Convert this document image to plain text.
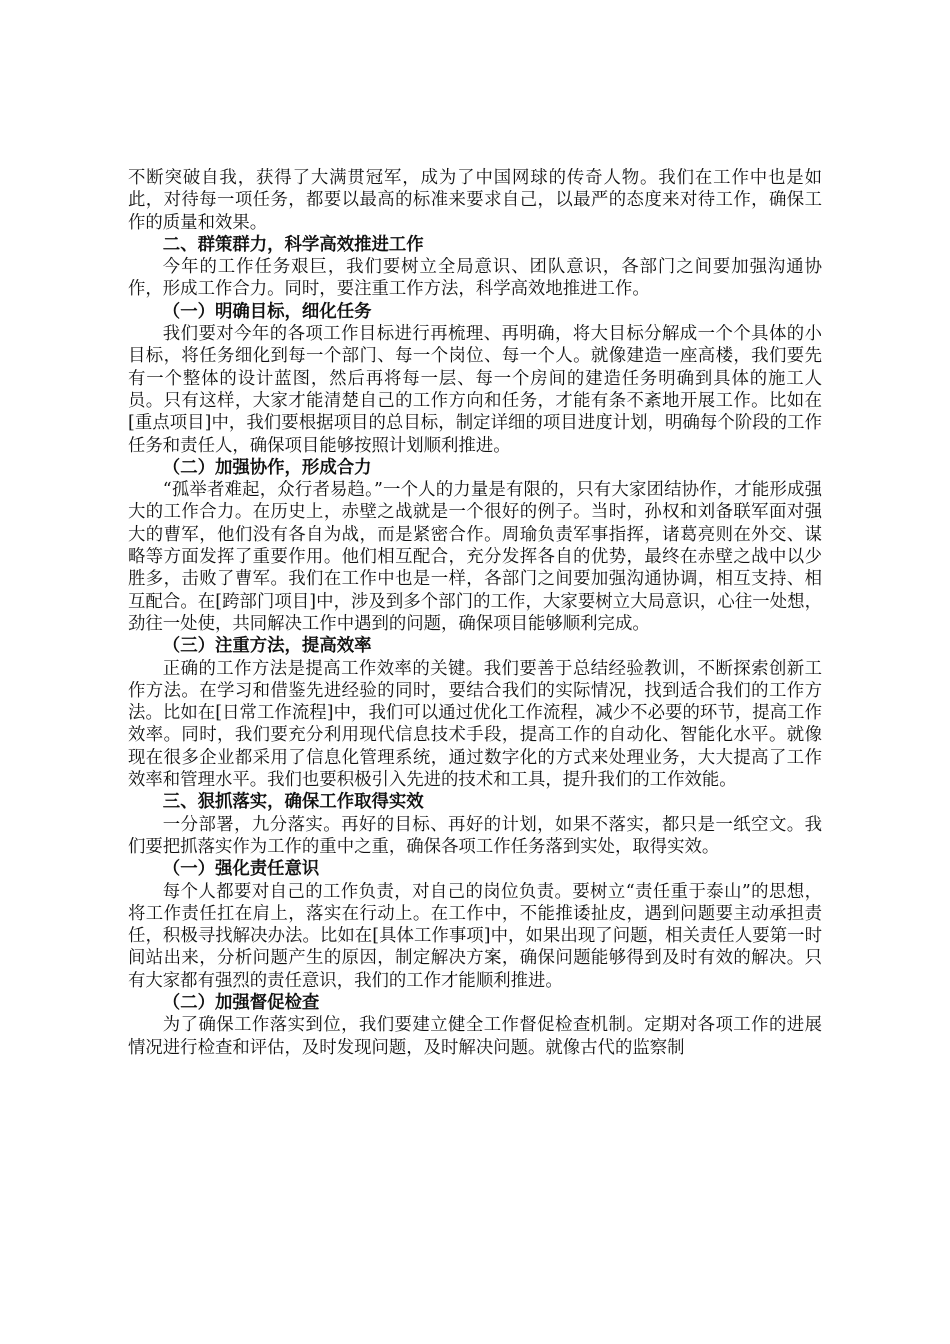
不断突破自我，获得了大满贯冠军，成为了中国网球的传奇人物。我们在工作中也是如此，对待每一项任务，都要以最高的标准来要求自己，以最严的态度来对待工作，确保工作的质量和效果。

二、群策群力，科学高效推进工作

今年的工作任务艰巨，我们要树立全局意识、团队意识，各部门之间要加强沟通协作，形成工作合力。同时，要注重工作方法，科学高效地推进工作。

（一）明确目标，细化任务

我们要对今年的各项工作目标进行再梳理、再明确，将大目标分解成一个个具体的小目标，将任务细化到每一个部门、每一个岗位、每一个人。就像建造一座高楼，我们要先有一个整体的设计蓝图，然后再将每一层、每一个房间的建造任务明确到具体的施工人员。只有这样，大家才能清楚自己的工作方向和任务，才能有条不紊地开展工作。比如在[重点项目]中，我们要根据项目的总目标，制定详细的项目进度计划，明确每个阶段的工作任务和责任人，确保项目能够按照计划顺利推进。

（二）加强协作，形成合力

“孤举者难起，众行者易趋。”一个人的力量是有限的，只有大家团结协作，才能形成强大的工作合力。在历史上，赤壁之战就是一个很好的例子。当时，孙权和刘备联军面对强大的曹军，他们没有各自为战，而是紧密合作。周瑜负责军事指挥，诸葛亮则在外交、谋略等方面发挥了重要作用。他们相互配合，充分发挥各自的优势，最终在赤壁之战中以少胜多，击败了曹军。我们在工作中也是一样，各部门之间要加强沟通协调，相互支持、相互配合。在[跨部门项目]中，涉及到多个部门的工作，大家要树立大局意识，心往一处想，劲往一处使，共同解决工作中遇到的问题，确保项目能够顺利完成。

（三）注重方法，提高效率

正确的工作方法是提高工作效率的关键。我们要善于总结经验教训，不断探索创新工作方法。在学习和借鉴先进经验的同时，要结合我们的实际情况，找到适合我们的工作方法。比如在[日常工作流程]中，我们可以通过优化工作流程，减少不必要的环节，提高工作效率。同时，我们要充分利用现代信息技术手段，提高工作的自动化、智能化水平。就像现在很多企业都采用了信息化管理系统，通过数字化的方式来处理业务，大大提高了工作效率和管理水平。我们也要积极引入先进的技术和工具，提升我们的工作效能。

三、狠抓落实，确保工作取得实效

一分部署，九分落实。再好的目标、再好的计划，如果不落实，都只是一纸空文。我们要把抓落实作为工作的重中之重，确保各项工作任务落到实处，取得实效。

（一）强化责任意识

每个人都要对自己的工作负责，对自己的岗位负责。要树立“责任重于泰山”的思想，将工作责任扛在肩上，落实在行动上。在工作中，不能推诿扯皮，遇到问题要主动承担责任，积极寻找解决办法。比如在[具体工作事项]中，如果出现了问题，相关责任人要第一时间站出来，分析问题产生的原因，制定解决方案，确保问题能够得到及时有效的解决。只有大家都有强烈的责任意识，我们的工作才能顺利推进。

（二）加强督促检查

为了确保工作落实到位，我们要建立健全工作督促检查机制。定期对各项工作的进展情况进行检查和评估，及时发现问题，及时解决问题。就像古代的监察制
